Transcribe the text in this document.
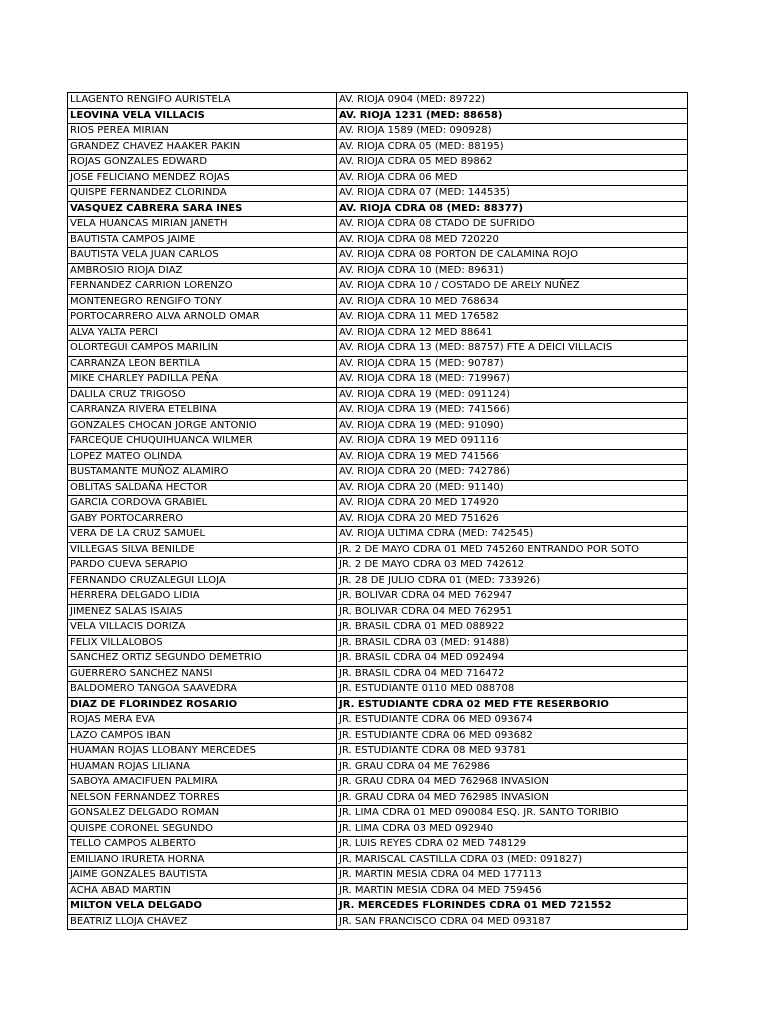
LLAGENTO RENGIFO AURISTELA	AV. RIOJA 0904 (MED: 89722)
LEOVINA VELA VILLACIS	AV. RIOJA 1231 (MED: 88658)
RIOS PEREA MIRIAN	AV. RIOJA 1589 (MED: 090928)
GRANDEZ CHAVEZ HAAKER PAKIN	AV. RIOJA CDRA 05 (MED: 88195)
ROJAS GONZALES EDWARD	AV. RIOJA CDRA 05 MED 89862
JOSE FELICIANO MENDEZ ROJAS	AV. RIOJA CDRA 06 MED
QUISPE FERNANDEZ CLORINDA	AV. RIOJA CDRA 07 (MED: 144535)
VASQUEZ CABRERA SARA INES	AV. RIOJA CDRA 08 (MED: 88377)
VELA HUANCAS MIRIAN JANETH	AV. RIOJA CDRA 08 CTADO DE SUFRIDO
BAUTISTA CAMPOS JAIME	AV. RIOJA CDRA 08 MED 720220
BAUTISTA VELA JUAN CARLOS	AV. RIOJA CDRA 08 PORTON DE CALAMINA ROJO
AMBROSIO RIOJA DIAZ	AV. RIOJA CDRA 10 (MED: 89631)
FERNANDEZ CARRION LORENZO	AV. RIOJA CDRA 10 / COSTADO DE ARELY NUÑEZ
MONTENEGRO RENGIFO TONY	AV. RIOJA CDRA 10 MED 768634
PORTOCARRERO ALVA ARNOLD OMAR	AV. RIOJA CDRA 11 MED 176582
ALVA YALTA PERCI	AV. RIOJA CDRA 12 MED 88641
OLORTEGUI CAMPOS MARILIN	AV. RIOJA CDRA 13 (MED: 88757) FTE A DEICI VILLACIS
CARRANZA LEON BERTILA	AV. RIOJA CDRA 15 (MED: 90787)
MIKE CHARLEY PADILLA PEÑA	AV. RIOJA CDRA 18 (MED: 719967)
DALILA CRUZ TRIGOSO	AV. RIOJA CDRA 19 (MED: 091124)
CARRANZA RIVERA ETELBINA	AV. RIOJA CDRA 19 (MED: 741566)
GONZALES CHOCAN JORGE ANTONIO	AV. RIOJA CDRA 19 (MED: 91090)
FARCEQUE CHUQUIHUANCA WILMER	AV. RIOJA CDRA 19 MED 091116
LOPEZ MATEO OLINDA	AV. RIOJA CDRA 19 MED 741566
BUSTAMANTE MUÑOZ ALAMIRO	AV. RIOJA CDRA 20 (MED: 742786)
OBLITAS SALDAÑA HECTOR	AV. RIOJA CDRA 20 (MED: 91140)
GARCIA CORDOVA GRABIEL	AV. RIOJA CDRA 20 MED 174920
GABY PORTOCARRERO	AV. RIOJA CDRA 20 MED 751626
VERA DE LA CRUZ SAMUEL	AV. RIOJA ULTIMA CDRA (MED: 742545)
VILLEGAS SILVA BENILDE	JR. 2 DE MAYO CDRA 01 MED 745260 ENTRANDO POR SOTO
PARDO CUEVA SERAPIO	JR. 2 DE MAYO CDRA 03 MED 742612
FERNANDO CRUZALEGUI LLOJA	JR. 28 DE JULIO CDRA 01 (MED: 733926)
HERRERA DELGADO LIDIA	JR. BOLIVAR CDRA 04 MED 762947
JIMENEZ SALAS ISAIAS	JR. BOLIVAR CDRA 04 MED 762951
VELA VILLACIS DORIZA	JR. BRASIL CDRA 01 MED 088922
FELIX VILLALOBOS	JR. BRASIL CDRA 03 (MED: 91488)
SANCHEZ ORTIZ SEGUNDO DEMETRIO	JR. BRASIL CDRA 04 MED 092494
GUERRERO SANCHEZ NANSI	JR. BRASIL CDRA 04 MED 716472
BALDOMERO TANGOA SAAVEDRA	JR. ESTUDIANTE 0110 MED 088708
DIAZ DE FLORINDEZ ROSARIO	JR. ESTUDIANTE CDRA 02 MED FTE RESERBORIO
ROJAS MERA EVA	JR. ESTUDIANTE CDRA 06 MED 093674
LAZO CAMPOS IBAN	JR. ESTUDIANTE CDRA 06 MED 093682
HUAMAN ROJAS LLOBANY MERCEDES	JR. ESTUDIANTE CDRA 08 MED 93781
HUAMAN ROJAS LILIANA	JR. GRAU CDRA 04 ME 762986
SABOYA AMACIFUEN PALMIRA	JR. GRAU CDRA 04 MED 762968 INVASION
NELSON FERNANDEZ TORRES	JR. GRAU CDRA 04 MED 762985 INVASION
GONSALEZ DELGADO ROMAN	JR. LIMA CDRA 01 MED 090084 ESQ. JR. SANTO TORIBIO
QUISPE CORONEL SEGUNDO	JR. LIMA CDRA 03 MED 092940
TELLO CAMPOS ALBERTO	JR. LUIS REYES CDRA 02 MED 748129
EMILIANO IRURETA HORNA	JR. MARISCAL CASTILLA CDRA 03 (MED: 091827)
JAIME GONZALES BAUTISTA	JR. MARTIN MESIA CDRA 04 MED 177113
ACHA ABAD MARTIN	JR. MARTIN MESIA CDRA 04 MED 759456
MILTON VELA DELGADO	JR. MERCEDES FLORINDES CDRA 01 MED 721552
BEATRIZ LLOJA CHAVEZ	JR. SAN FRANCISCO CDRA 04 MED 093187
